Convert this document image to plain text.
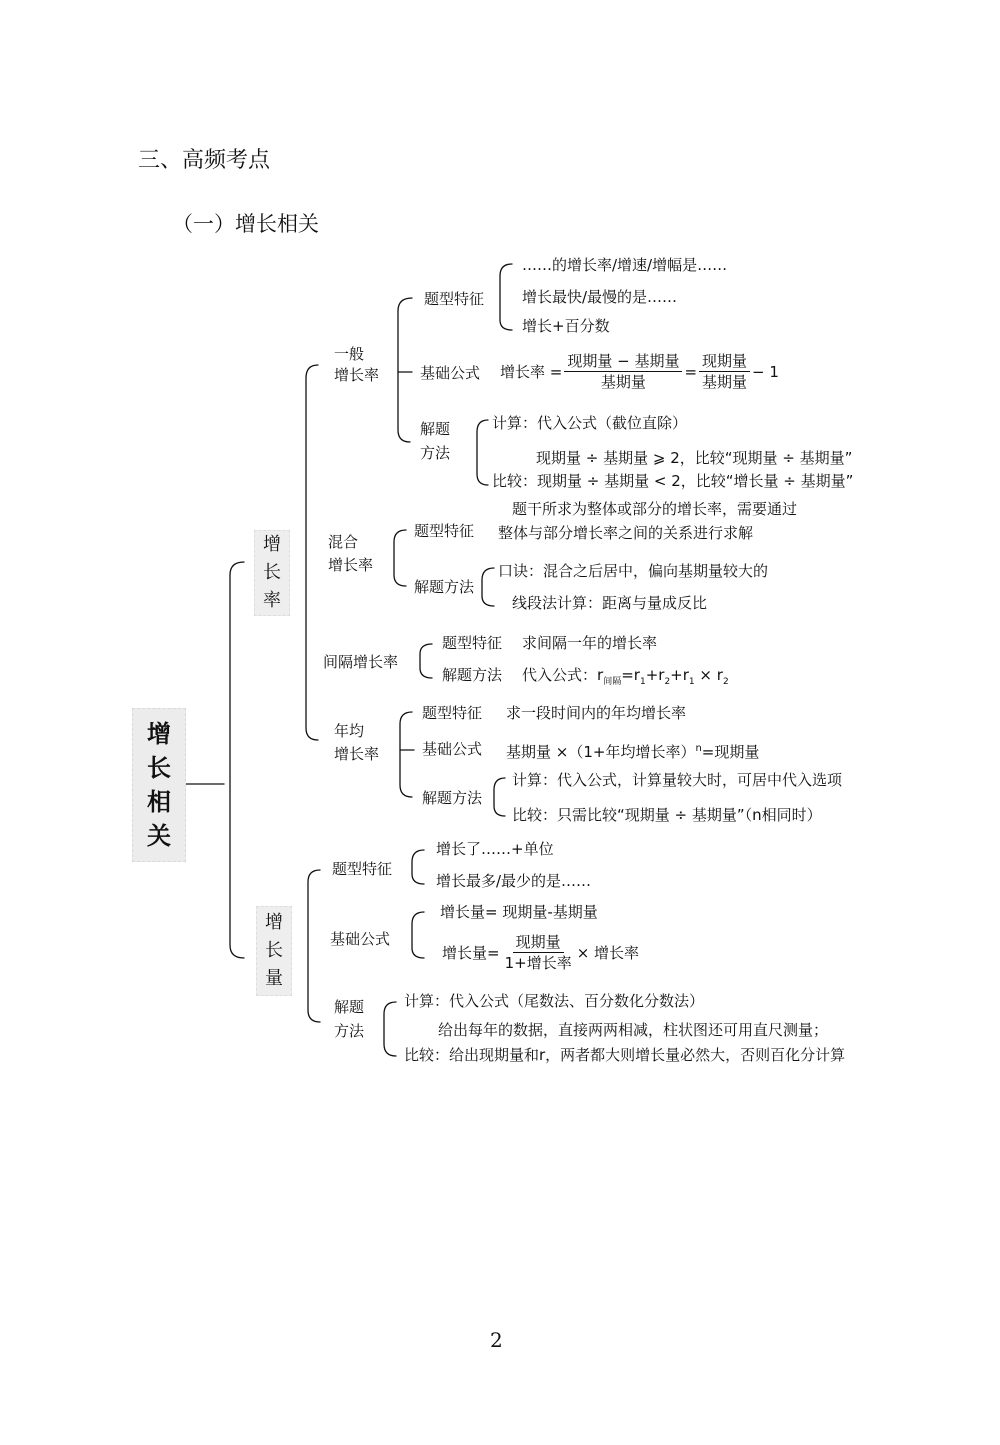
三、高频考点
（一）增长相关
增长相关
增长率
一般
增长率
题型特征
……的增长率/增速/增幅是……
增长最快/最慢的是……
增长+百分数
基础公式 增长率 = $\frac{\text{现期量 − 基期量}}{\text{基期量}} = \frac{\text{现期量}}{\text{基期量}} - 1$
解题
方法
计算：代入公式（截位直除）
现期量 ÷ 基期量 ⩾ 2，比较“现期量 ÷ 基期量”
比较：现期量 ÷ 基期量 < 2，比较“增长量 ÷ 基期量”
混合
增长率
题型特征
题干所求为整体或部分的增长率，需要通过
整体与部分增长率之间的关系进行求解
解题方法
口诀：混合之后居中，偏向基期量较大的
线段法计算：距离与量成反比
间隔增长率
题型特征 求间隔一年的增长率
解题方法 代入公式：$r_{间隔}=r_1+r_2+r_1 \times r_2$
年均
增长率
题型特征 求一段时间内的年均增长率
基础公式 基期量 ×（1+年均增长率）$^n$=现期量
解题方法
计算：代入公式，计算量较大时，可居中代入选项
比较：只需比较“现期量 ÷ 基期量”（n相同时）
增长量
题型特征
增长了……+单位
增长最多/最少的是……
基础公式
增长量= 现期量-基期量
增长量= $\frac{\text{现期量}}{\text{1+增长率}}$ × 增长率
解题
方法
计算：代入公式（尾数法、百分数化分数法）
给出每年的数据，直接两两相减，柱状图还可用直尺测量；
比较：给出现期量和r，两者都大则增长量必然大，否则百化分计算
2
